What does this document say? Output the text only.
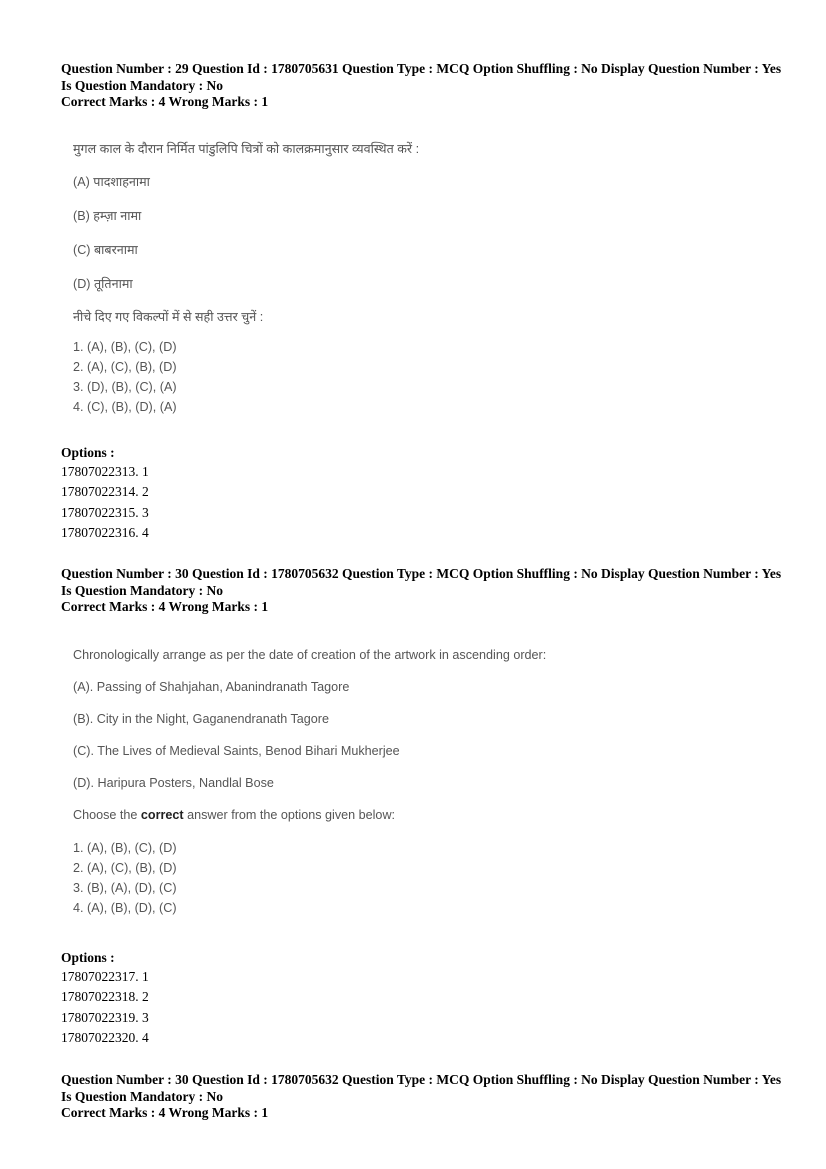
Question Number : 29 Question Id : 1780705631 Question Type : MCQ Option Shuffling : No Display Question Number : Yes
Is Question Mandatory : No
Correct Marks : 4 Wrong Marks : 1
मुगल काल के दौरान निर्मित पांडुलिपि चित्रों को कालक्रमानुसार व्यवस्थित करें :
(A) पादशाहनामा
(B) हम्ज़ा नामा
(C) बाबरनामा
(D) तूतिनामा
नीचे दिए गए विकल्पों में से सही उत्तर चुनें :
1. (A), (B), (C), (D)
2. (A), (C), (B), (D)
3. (D), (B), (C), (A)
4. (C), (B), (D), (A)
Options :
17807022313. 1
17807022314. 2
17807022315. 3
17807022316. 4
Question Number : 30 Question Id : 1780705632 Question Type : MCQ Option Shuffling : No Display Question Number : Yes
Is Question Mandatory : No
Correct Marks : 4 Wrong Marks : 1
Chronologically arrange as per the date of creation of the artwork in ascending order:
(A). Passing of Shahjahan, Abanindranath Tagore
(B). City in the Night, Gaganendranath Tagore
(C). The Lives of Medieval Saints, Benod Bihari Mukherjee
(D). Haripura Posters, Nandlal Bose
Choose the correct answer from the options given below:
1. (A), (B), (C), (D)
2. (A), (C), (B), (D)
3. (B), (A), (D), (C)
4. (A), (B), (D), (C)
Options :
17807022317. 1
17807022318. 2
17807022319. 3
17807022320. 4
Question Number : 30 Question Id : 1780705632 Question Type : MCQ Option Shuffling : No Display Question Number : Yes
Is Question Mandatory : No
Correct Marks : 4 Wrong Marks : 1
